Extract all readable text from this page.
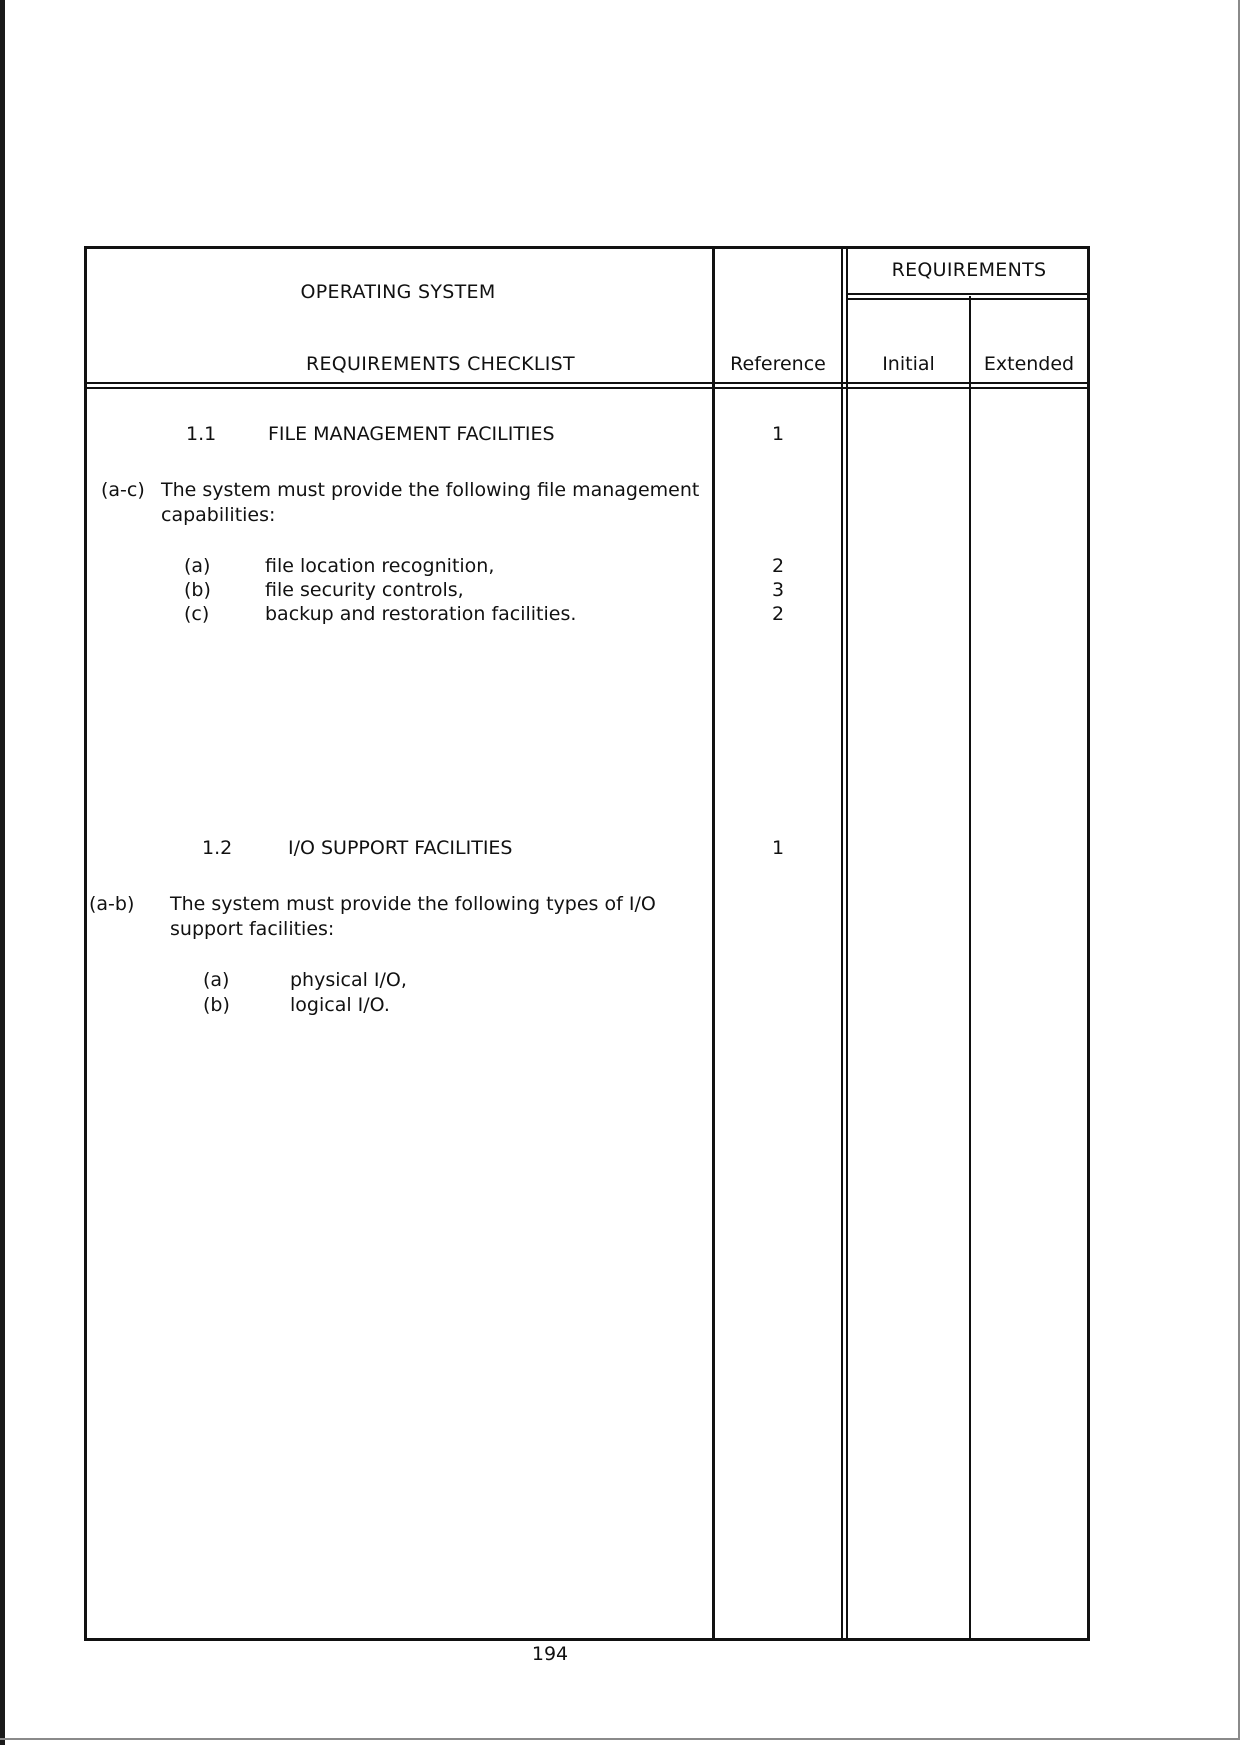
OPERATING SYSTEM
REQUIREMENTS CHECKLIST	Reference
REQUIREMENTS
Initial	Extended
1.1	FILE MANAGEMENT FACILITIES	1
(a-c) The system must provide the following file management
capabilities:
(a)	file location recognition,	2
(b)	file security controls,	3
(c)	backup and restoration facilities.	2
1.2	I/O SUPPORT FACILITIES	1
(a-b) The system must provide the following types of I/O
support facilities:
(a)	physical I/O,
(b)	logical I/O.
194
